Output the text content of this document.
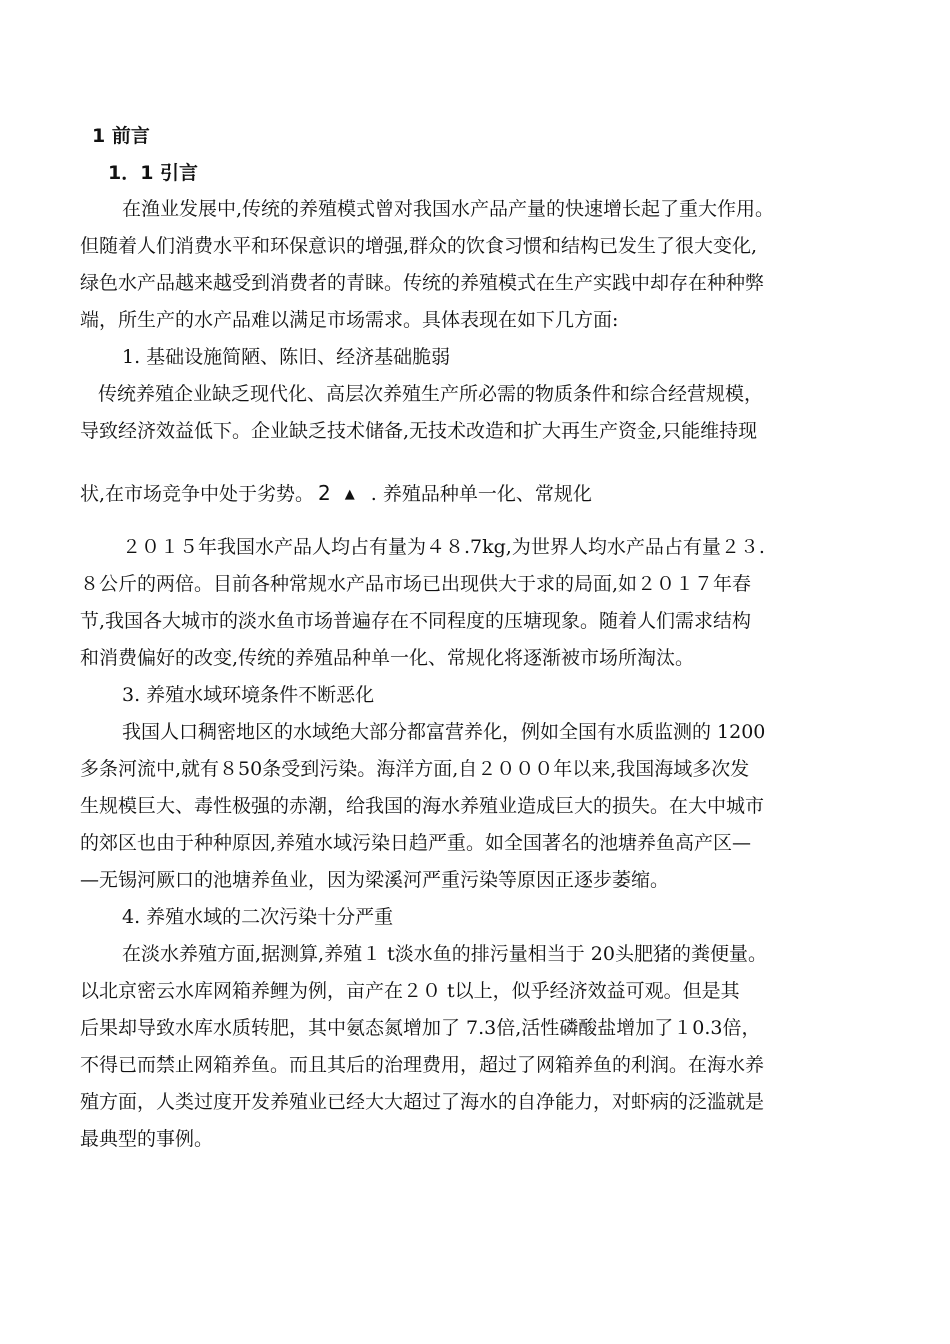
1 前言
1．1 引言
在渔业发展中,传统的养殖模式曾对我国水产品产量的快速增长起了重大作用。
但随着人们消费水平和环保意识的增强,群众的饮食习惯和结构已发生了很大变化,
绿色水产品越来越受到消费者的青睐。传统的养殖模式在生产实践中却存在种种弊
端，所生产的水产品难以满足市场需求。具体表现在如下几方面:
1. 基础设施简陋、陈旧、经济基础脆弱
传统养殖企业缺乏现代化、高层次养殖生产所必需的物质条件和综合经营规模，
导致经济效益低下。企业缺乏技术储备,无技术改造和扩大再生产资金,只能维持现
状,在市场竞争中处于劣势。 2 ▲ . 养殖品种单一化、常规化
２０１５年我国水产品人均占有量为４８.7kg,为世界人均水产品占有量２３.
８公斤的两倍。目前各种常规水产品市场已出现供大于求的局面,如２０１７年春
节,我国各大城市的淡水鱼市场普遍存在不同程度的压塘现象。随着人们需求结构
和消费偏好的改变,传统的养殖品种单一化、常规化将逐渐被市场所淘汰。
3. 养殖水域环境条件不断恶化
我国人口稠密地区的水域绝大部分都富营养化，例如全国有水质监测的 1200
多条河流中,就有８50条受到污染。海洋方面,自２０００年以来,我国海域多次发
生规模巨大、毒性极强的赤潮，给我国的海水养殖业造成巨大的损失。在大中城市
的郊区也由于种种原因,养殖水域污染日趋严重。如全国著名的池塘养鱼高产区—
—无锡河厥口的池塘养鱼业，因为梁溪河严重污染等原因正逐步萎缩。
4. 养殖水域的二次污染十分严重
在淡水养殖方面,据测算,养殖１ t淡水鱼的排污量相当于 20头肥猪的粪便量。
以北京密云水库网箱养鲤为例，亩产在２０ t以上，似乎经济效益可观。但是其
后果却导致水库水质转肥，其中氨态氮增加了 7.3倍,活性磷酸盐增加了１0.3倍，
不得已而禁止网箱养鱼。而且其后的治理费用，超过了网箱养鱼的利润。在海水养
殖方面，人类过度开发养殖业已经大大超过了海水的自净能力，对虾病的泛滥就是
最典型的事例。
